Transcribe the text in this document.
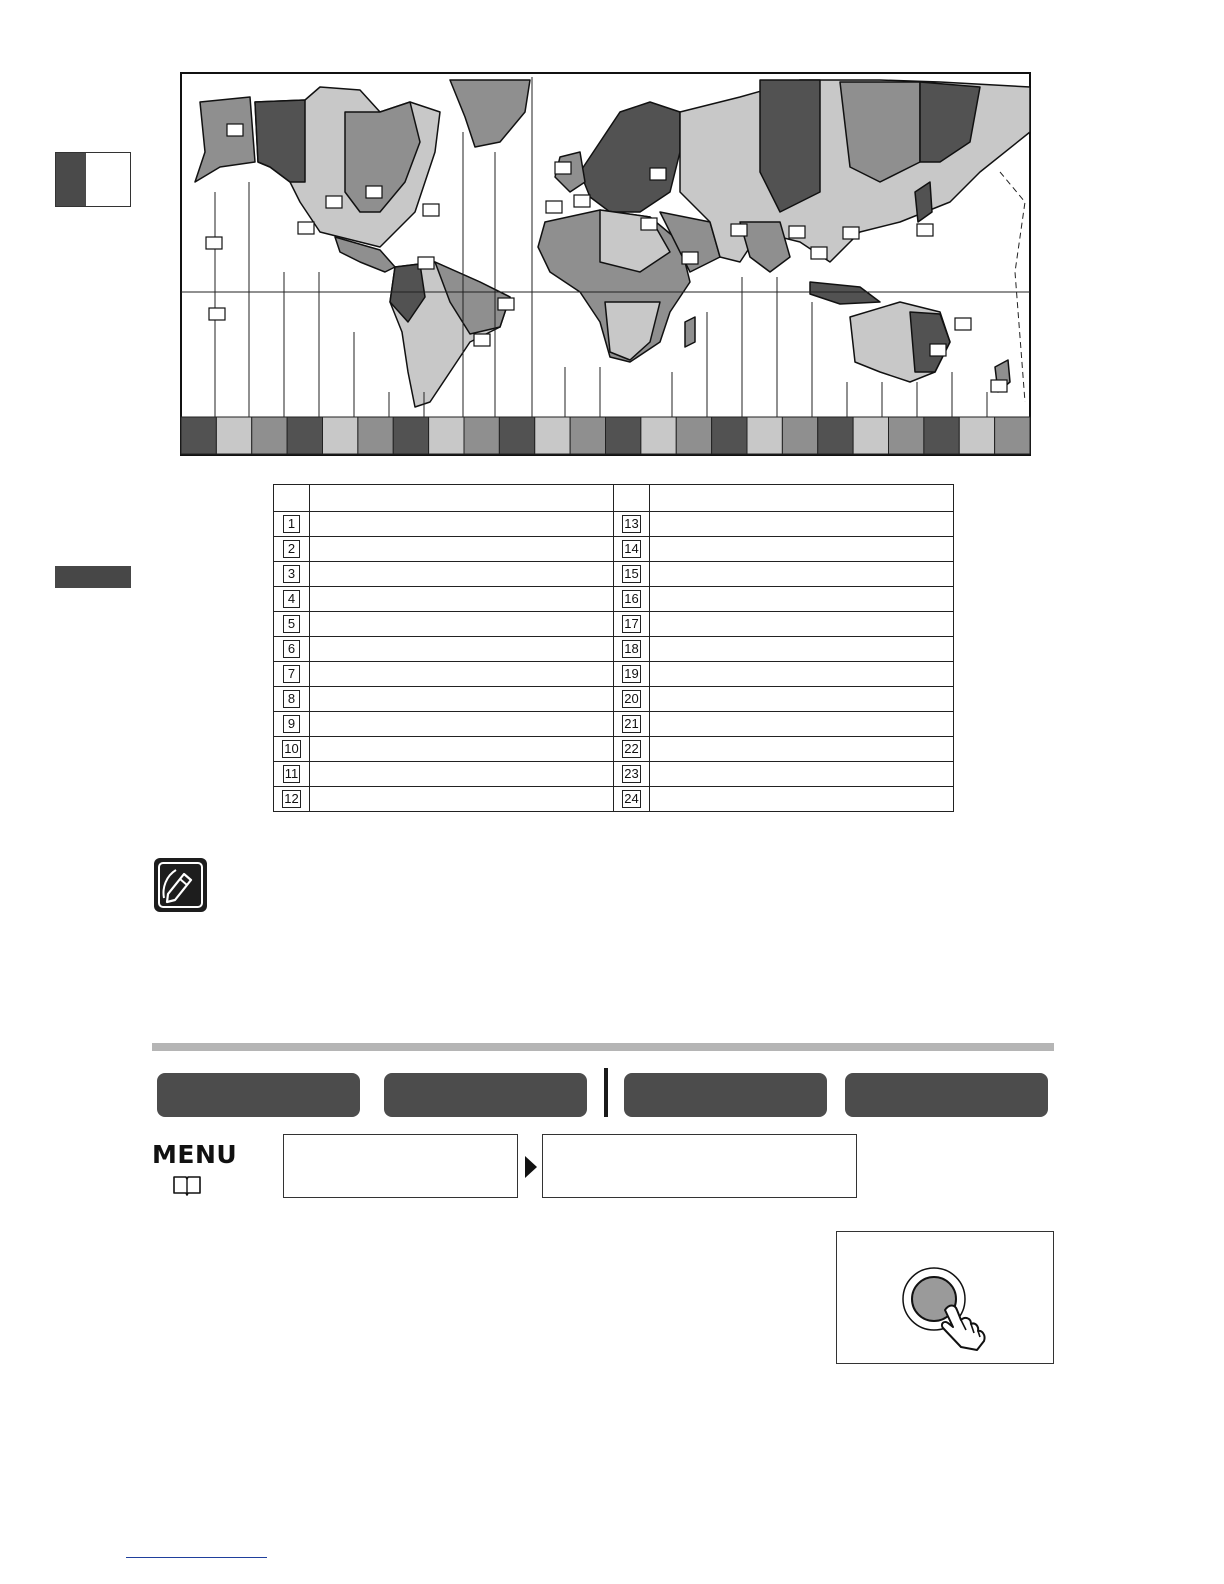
1		13	
2		14	
3		15	
4		16	
5		17	
6		18	
7		19	
8		20	
9		21	
10		22	
11		23	
12		24	
MENU
